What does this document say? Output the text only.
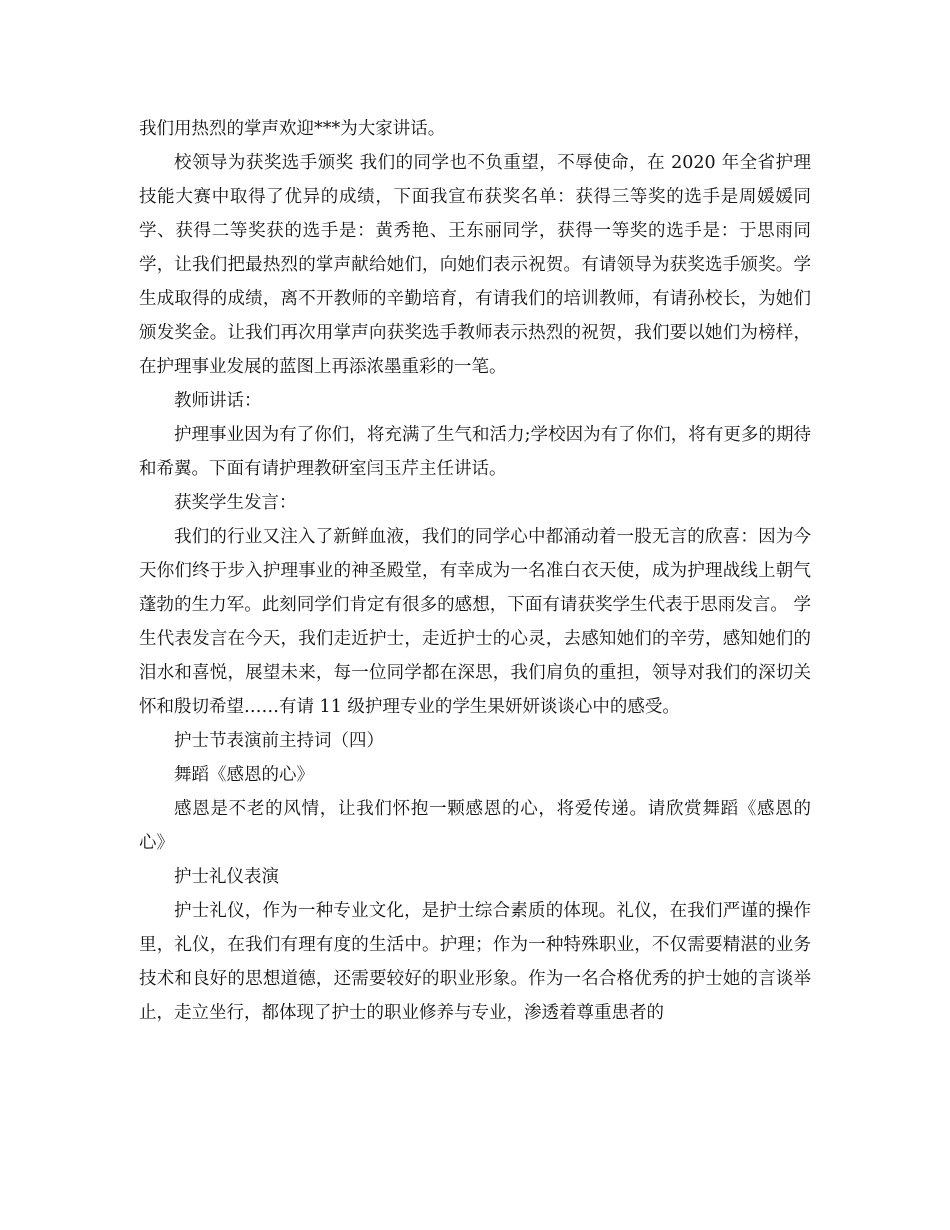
我们用热烈的掌声欢迎***为大家讲话。

校领导为获奖选手颁奖 我们的同学也不负重望，不辱使命，在 2020 年全省护理技能大赛中取得了优异的成绩，下面我宣布获奖名单：获得三等奖的选手是周媛媛同学、获得二等奖获的选手是：黄秀艳、王东丽同学，获得一等奖的选手是：于思雨同学，让我们把最热烈的掌声献给她们，向她们表示祝贺。有请领导为获奖选手颁奖。学生成取得的成绩，离不开教师的辛勤培育，有请我们的培训教师，有请孙校长，为她们颁发奖金。让我们再次用掌声向获奖选手教师表示热烈的祝贺，我们要以她们为榜样，在护理事业发展的蓝图上再添浓墨重彩的一笔。

教师讲话：

护理事业因为有了你们，将充满了生气和活力;学校因为有了你们，将有更多的期待和希翼。下面有请护理教研室闫玉芹主任讲话。

获奖学生发言：

我们的行业又注入了新鲜血液，我们的同学心中都涌动着一股无言的欣喜：因为今天你们终于步入护理事业的神圣殿堂，有幸成为一名准白衣天使，成为护理战线上朝气蓬勃的生力军。此刻同学们肯定有很多的感想，下面有请获奖学生代表于思雨发言。 学生代表发言在今天，我们走近护士，走近护士的心灵，去感知她们的辛劳，感知她们的泪水和喜悦，展望未来，每一位同学都在深思，我们肩负的重担，领导对我们的深切关怀和殷切希望……有请 11 级护理专业的学生果妍妍谈谈心中的感受。

护士节表演前主持词（四）

舞蹈《感恩的心》

感恩是不老的风情，让我们怀抱一颗感恩的心，将爱传递。请欣赏舞蹈《感恩的心》

护士礼仪表演

护士礼仪，作为一种专业文化，是护士综合素质的体现。礼仪，在我们严谨的操作里，礼仪，在我们有理有度的生活中。护理；作为一种特殊职业，不仅需要精湛的业务技术和良好的思想道德，还需要较好的职业形象。作为一名合格优秀的护士她的言谈举止，走立坐行，都体现了护士的职业修养与专业，渗透着尊重患者的
